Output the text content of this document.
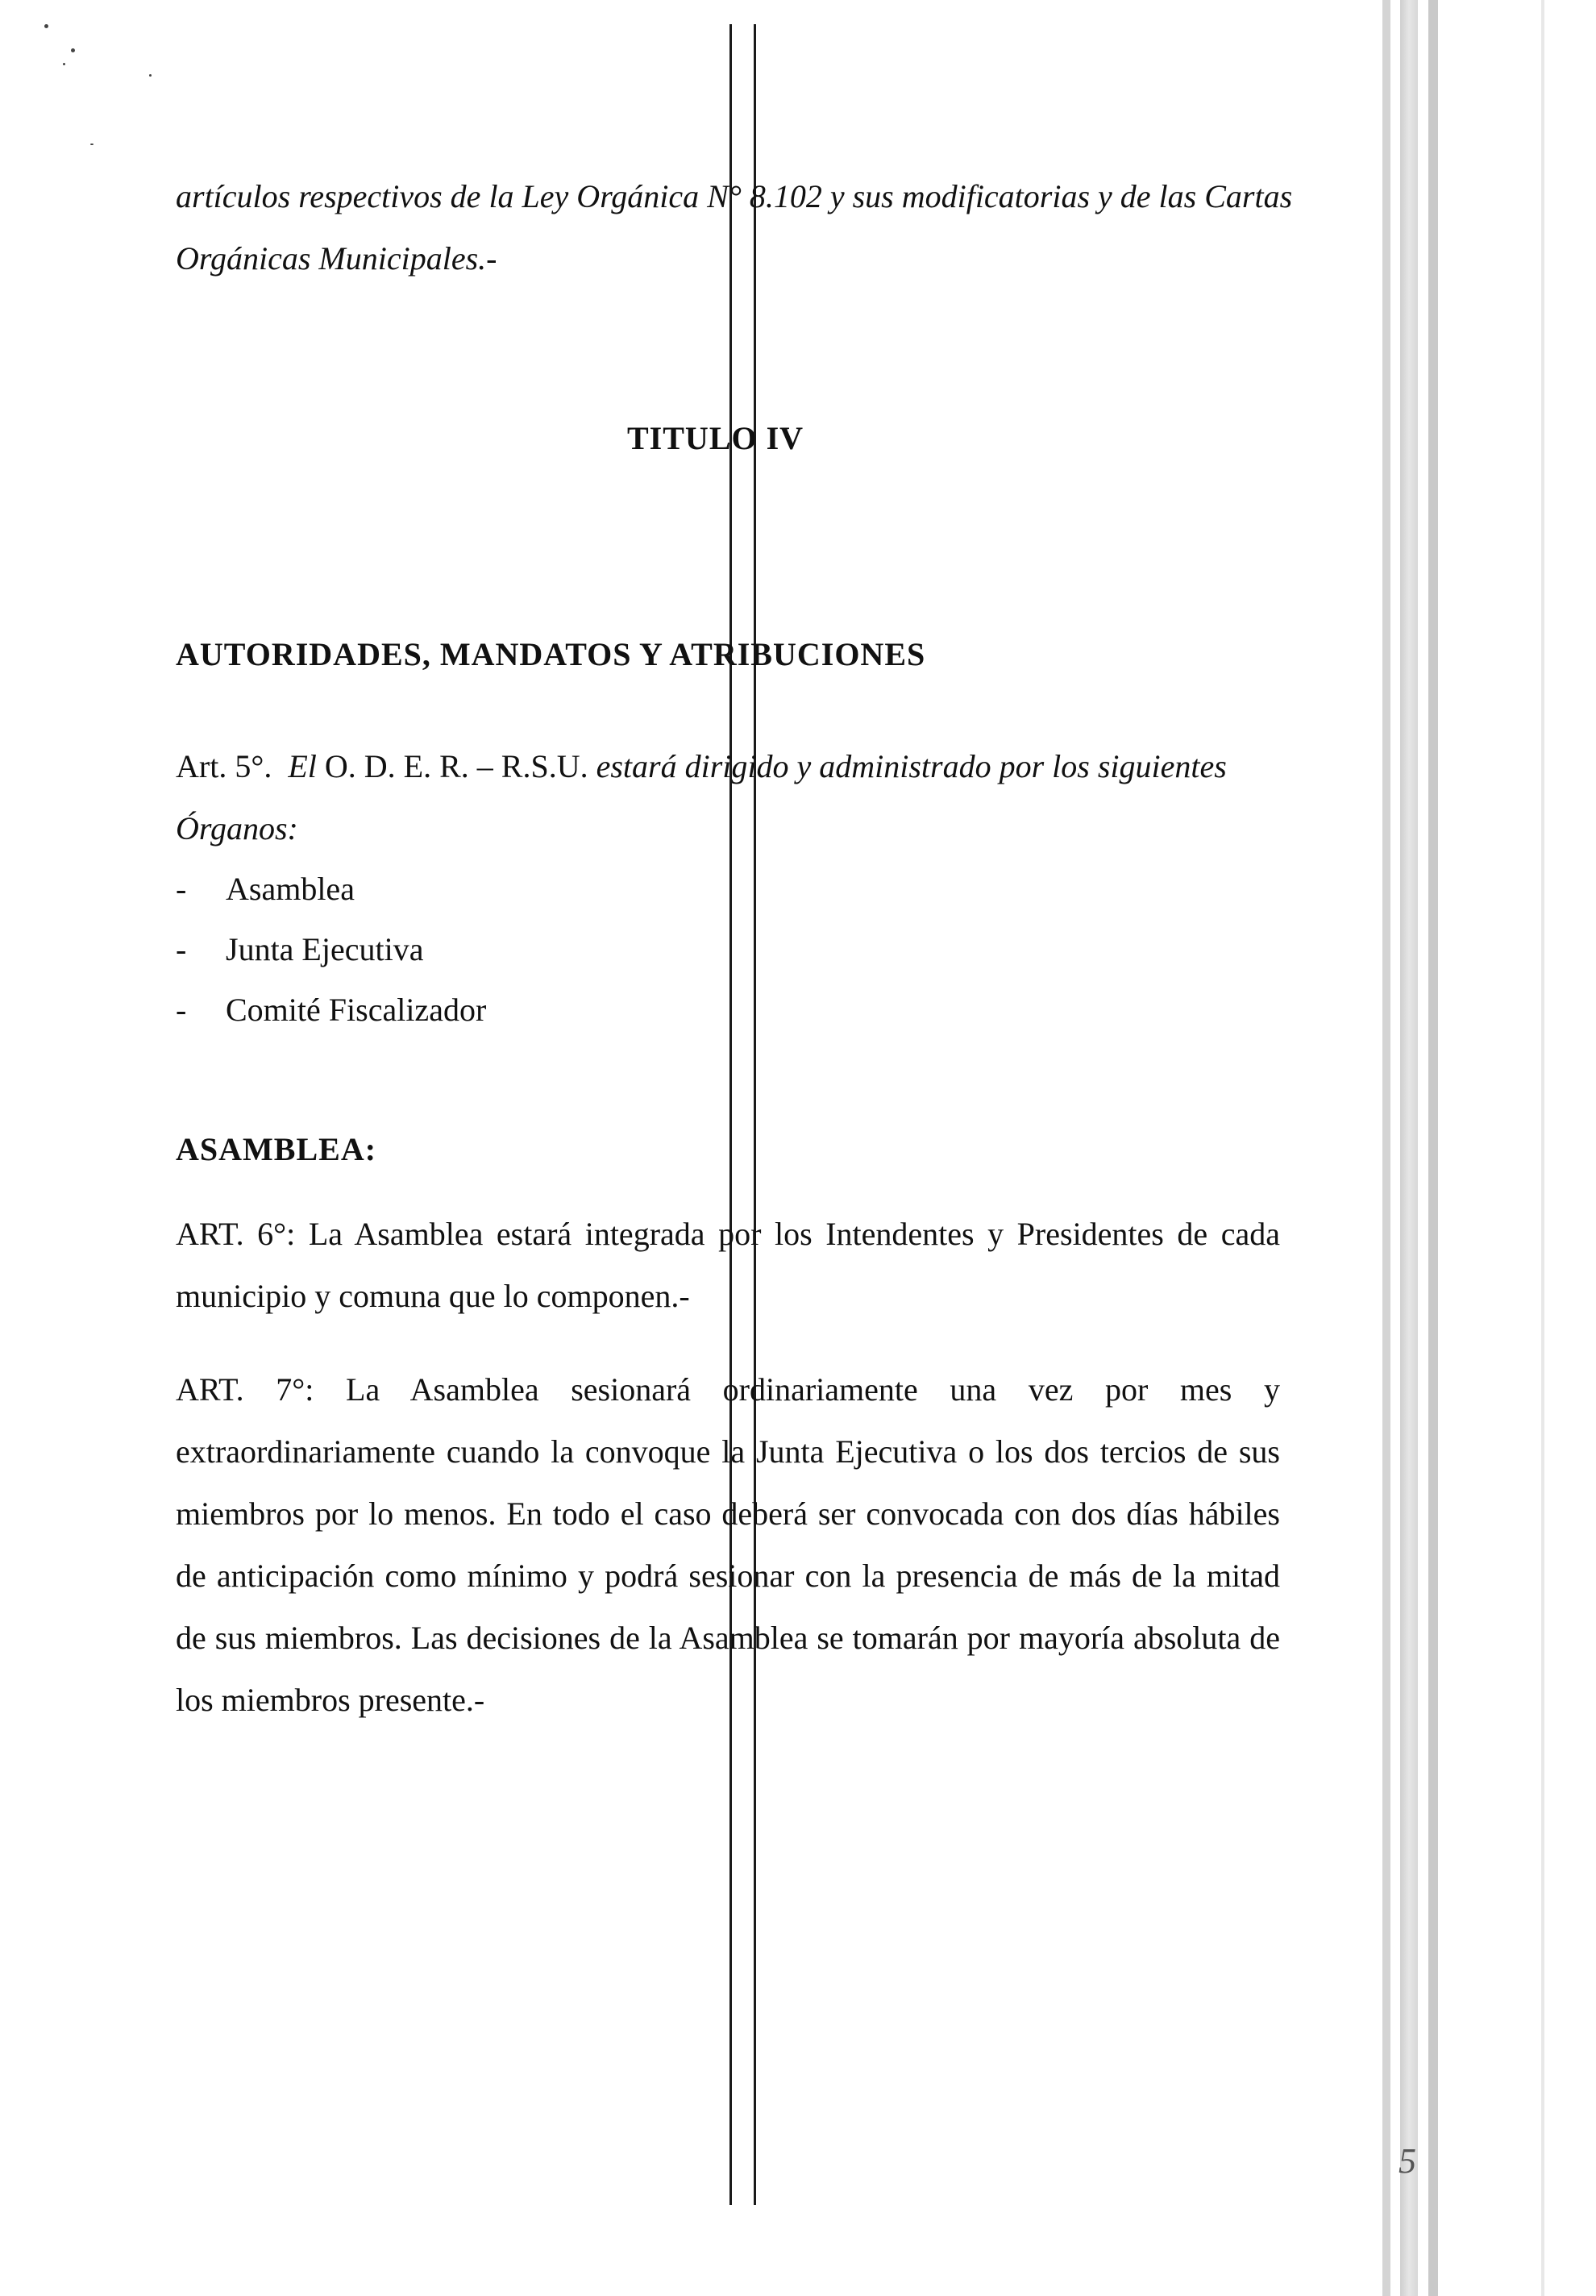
artículos respectivos de la Ley Orgánica N° 8.102 y sus modificatorias y de las Cartas Orgánicas Municipales.-

TITULO IV

AUTORIDADES, MANDATOS Y ATRIBUCIONES

Art. 5°. El O. D. E. R. – R.S.U. estará dirigido y administrado por los siguientes Órganos:

- Asamblea

- Junta Ejecutiva

- Comité Fiscalizador

ASAMBLEA:

ART. 6°: La Asamblea estará integrada por los Intendentes y Presidentes de cada municipio y comuna que lo componen.-

ART. 7°: La Asamblea sesionará ordinariamente una vez por mes y extraordinariamente cuando la convoque la Junta Ejecutiva o los dos tercios de sus miembros por lo menos. En todo el caso deberá ser convocada con dos días hábiles de anticipación como mínimo y podrá sesionar con la presencia de más de la mitad de sus miembros. Las decisiones de la Asamblea se tomarán por mayoría absoluta de los miembros presente.-

5
